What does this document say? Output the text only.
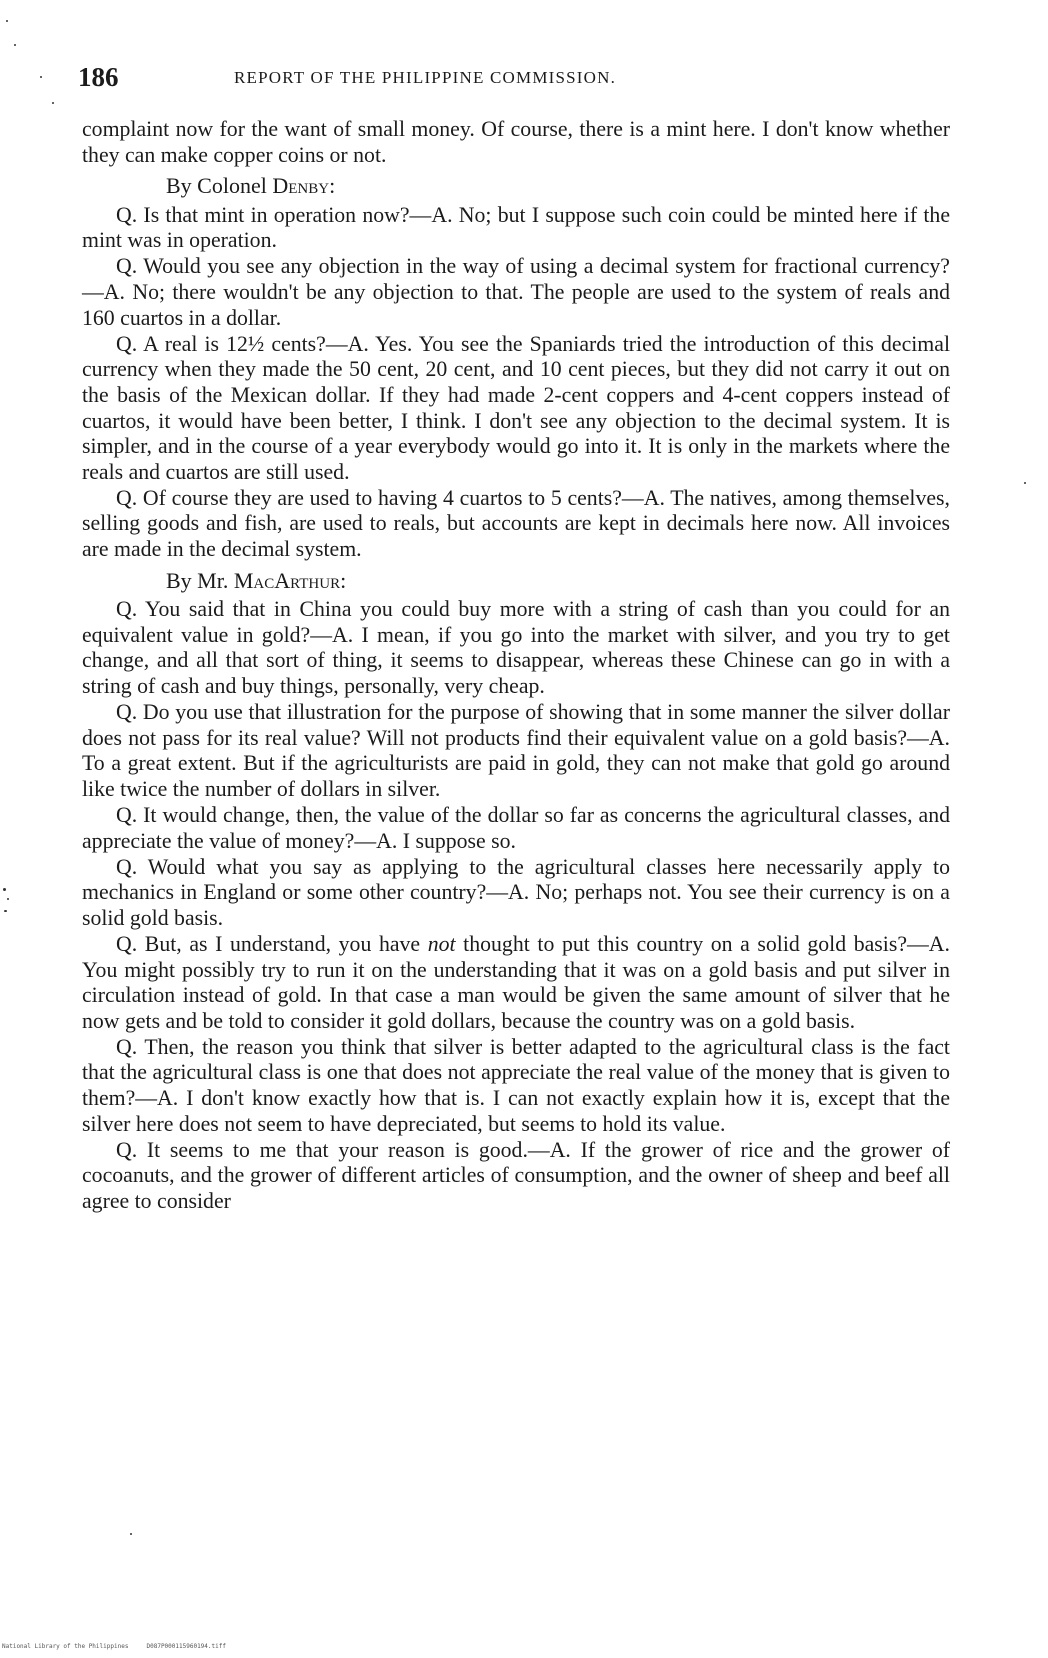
186	REPORT OF THE PHILIPPINE COMMISSION.

complaint now for the want of small money. Of course, there is a mint here. I don't know whether they can make copper coins or not.

By Colonel Denby:

Q. Is that mint in operation now?—A. No; but I suppose such coin could be minted here if the mint was in operation.

Q. Would you see any objection in the way of using a decimal system for fractional currency?—A. No; there wouldn't be any objection to that. The people are used to the system of reals and 160 cuartos in a dollar.

Q. A real is 12½ cents?—A. Yes. You see the Spaniards tried the introduction of this decimal currency when they made the 50 cent, 20 cent, and 10 cent pieces, but they did not carry it out on the basis of the Mexican dollar. If they had made 2-cent coppers and 4-cent coppers instead of cuartos, it would have been better, I think. I don't see any objection to the decimal system. It is simpler, and in the course of a year everybody would go into it. It is only in the markets where the reals and cuartos are still used.

Q. Of course they are used to having 4 cuartos to 5 cents?—A. The natives, among themselves, selling goods and fish, are used to reals, but accounts are kept in decimals here now. All invoices are made in the decimal system.

By Mr. MacArthur:

Q. You said that in China you could buy more with a string of cash than you could for an equivalent value in gold?—A. I mean, if you go into the market with silver, and you try to get change, and all that sort of thing, it seems to disappear, whereas these Chinese can go in with a string of cash and buy things, personally, very cheap.

Q. Do you use that illustration for the purpose of showing that in some manner the silver dollar does not pass for its real value? Will not products find their equivalent value on a gold basis?—A. To a great extent. But if the agriculturists are paid in gold, they can not make that gold go around like twice the number of dollars in silver.

Q. It would change, then, the value of the dollar so far as concerns the agricultural classes, and appreciate the value of money?—A. I suppose so.

Q. Would what you say as applying to the agricultural classes here necessarily apply to mechanics in England or some other country?—A. No; perhaps not. You see their currency is on a solid gold basis.

Q. But, as I understand, you have not thought to put this country on a solid gold basis?—A. You might possibly try to run it on the understanding that it was on a gold basis and put silver in circulation instead of gold. In that case a man would be given the same amount of silver that he now gets and be told to consider it gold dollars, because the country was on a gold basis.

Q. Then, the reason you think that silver is better adapted to the agricultural class is the fact that the agricultural class is one that does not appreciate the real value of the money that is given to them?—A. I don't know exactly how that is. I can not exactly explain how it is, except that the silver here does not seem to have depreciated, but seems to hold its value.

Q. It seems to me that your reason is good.—A. If the grower of rice and the grower of cocoanuts, and the grower of different articles of consumption, and the owner of sheep and beef all agree to consider

National Library of the Philippines     D087P000115960194.tiff
